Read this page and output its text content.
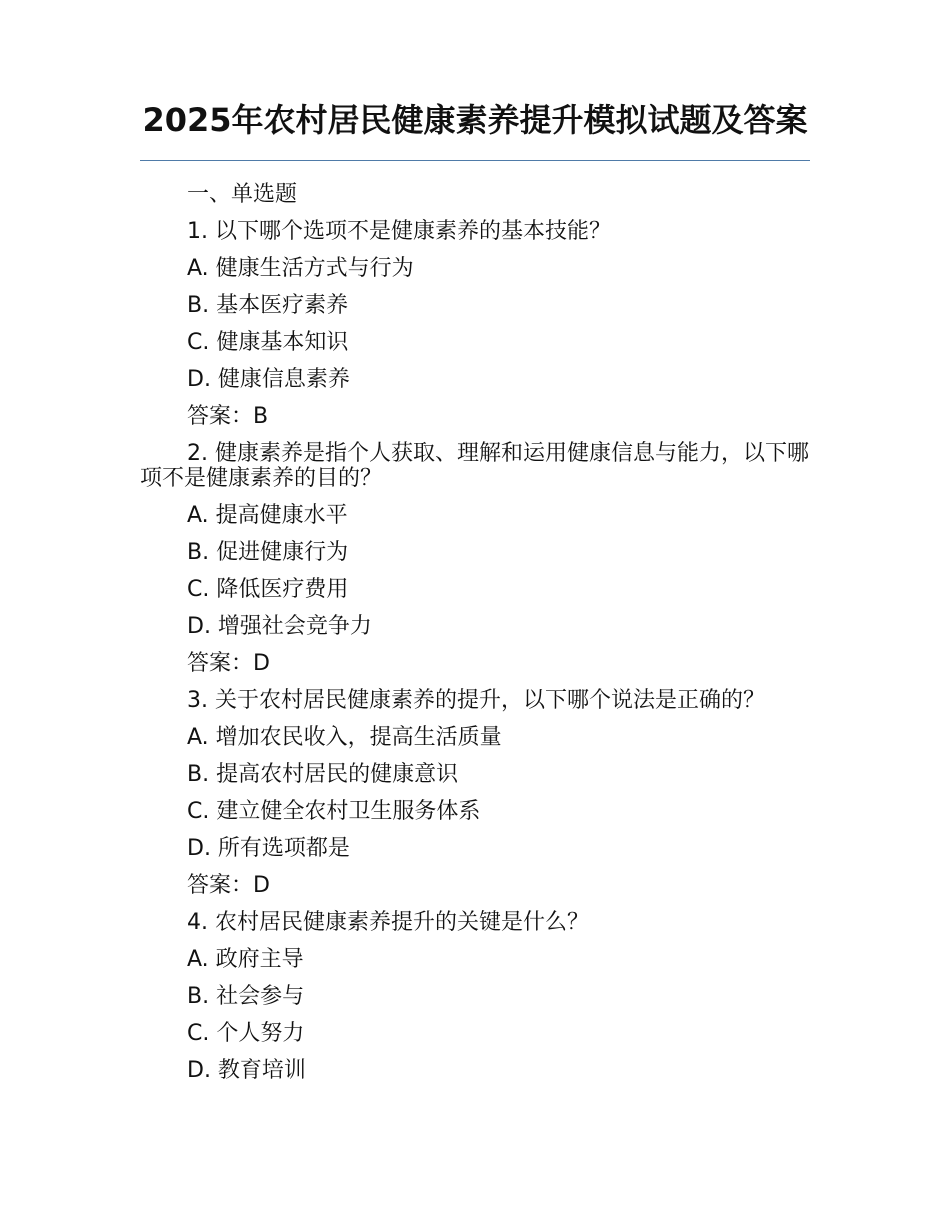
2025年农村居民健康素养提升模拟试题及答案

一、单选题

1. 以下哪个选项不是健康素养的基本技能？

A. 健康生活方式与行为

B. 基本医疗素养

C. 健康基本知识

D. 健康信息素养

答案：B

2. 健康素养是指个人获取、理解和运用健康信息与能力，以下哪项不是健康素养的目的？

A. 提高健康水平

B. 促进健康行为

C. 降低医疗费用

D. 增强社会竞争力

答案：D

3. 关于农村居民健康素养的提升，以下哪个说法是正确的？

A. 增加农民收入，提高生活质量

B. 提高农村居民的健康意识

C. 建立健全农村卫生服务体系

D. 所有选项都是

答案：D

4. 农村居民健康素养提升的关键是什么？

A. 政府主导

B. 社会参与

C. 个人努力

D. 教育培训
